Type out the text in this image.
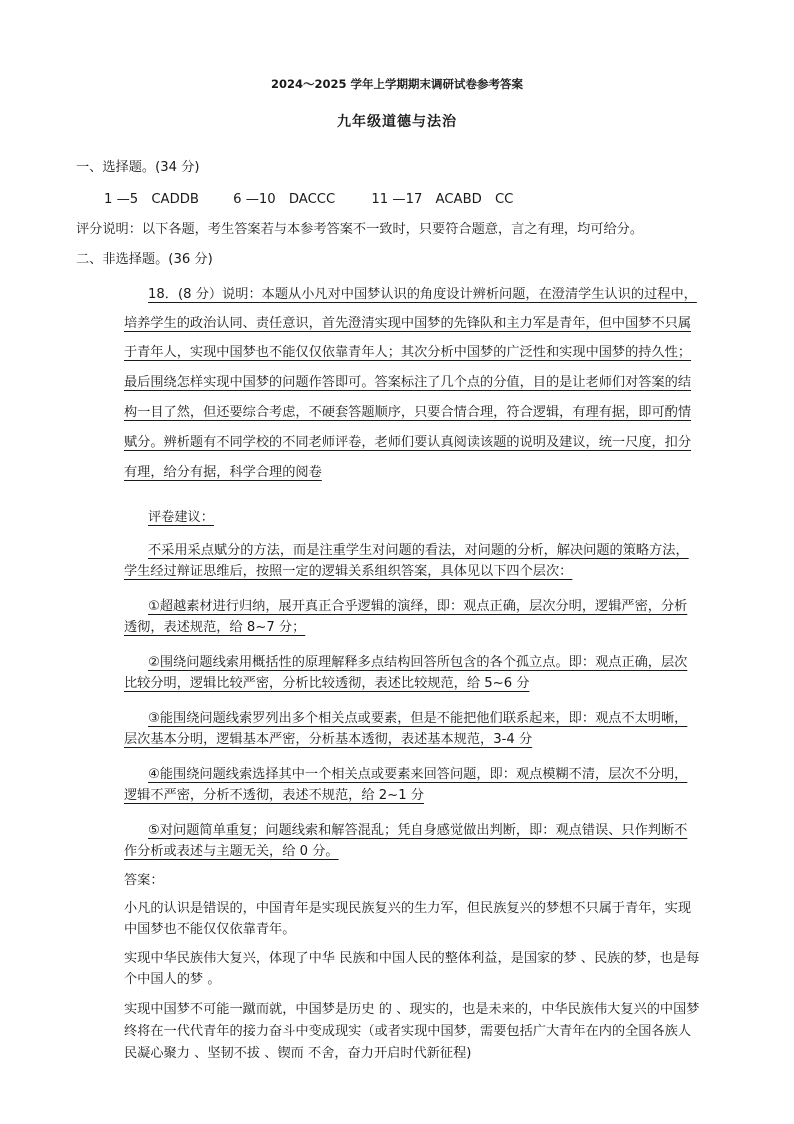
2024～2025 学年上学期期末调研试卷参考答案
九年级道德与法治
一、选择题。(34 分)
1 —5　CADDB	6 —10　DACCC	11 —17　ACABD　CC
评分说明：以下各题，考生答案若与本参考答案不一致时，只要符合题意，言之有理，均可给分。
二、非选择题。(36 分)
18．(8 分）说明：本题从小凡对中国梦认识的角度设计辨析问题，在澄清学生认识的过程中，
培养学生的政治认同、责任意识，首先澄清实现中国梦的先锋队和主力军是青年，但中国梦不只属
于青年人，实现中国梦也不能仅仅依靠青年人；其次分析中国梦的广泛性和实现中国梦的持久性；
最后围绕怎样实现中国梦的问题作答即可。答案标注了几个点的分值，目的是让老师们对答案的结
构一目了然，但还要综合考虑，不硬套答题顺序，只要合情合理，符合逻辑，有理有据，即可酌情
赋分。辨析题有不同学校的不同老师评卷，老师们要认真阅读该题的说明及建议，统一尺度，扣分
有理，给分有据，科学合理的阅卷
评卷建议：
不采用采点赋分的方法，而是注重学生对问题的看法，对问题的分析，解决问题的策略方法，
学生经过辩证思维后，按照一定的逻辑关系组织答案，具体见以下四个层次：
①超越素材进行归纳，展开真正合乎逻辑的演绎，即：观点正确，层次分明，逻辑严密，分析
透彻，表述规范，给 8~7 分；
②围绕问题线索用概括性的原理解释多点结构回答所包含的各个孤立点。即：观点正确，层次
比较分明，逻辑比较严密，分析比较透彻，表述比较规范，给 5~6 分
③能围绕问题线索罗列出多个相关点或要素，但是不能把他们联系起来，即：观点不太明晰，
层次基本分明，逻辑基本严密，分析基本透彻，表述基本规范，3-4 分
④能围绕问题线索选择其中一个相关点或要素来回答问题，即：观点模糊不清，层次不分明，
逻辑不严密，分析不透彻，表述不规范，给 2~1 分
⑤对问题简单重复；问题线索和解答混乱；凭自身感觉做出判断，即：观点错误、只作判断不
作分析或表述与主题无关，给 0 分。
答案：
小凡的认识是错误的，中国青年是实现民族复兴的生力军，但民族复兴的梦想不只属于青年，实现
中国梦也不能仅仅依靠青年。
实现中华民族伟大复兴，体现了中华 民族和中国人民的整体利益，是国家的梦 、民族的梦，也是每
个中国人的梦 。
实现中国梦不可能一蹴而就，中国梦是历史 的 、现实的，也是未来的，中华民族伟大复兴的中国梦
终将在一代代青年的接力奋斗中变成现实（或者实现中国梦，需要包括广大青年在内的全国各族人
民凝心聚力 、坚韧不拔 、锲而 不舍，奋力开启时代新征程)
